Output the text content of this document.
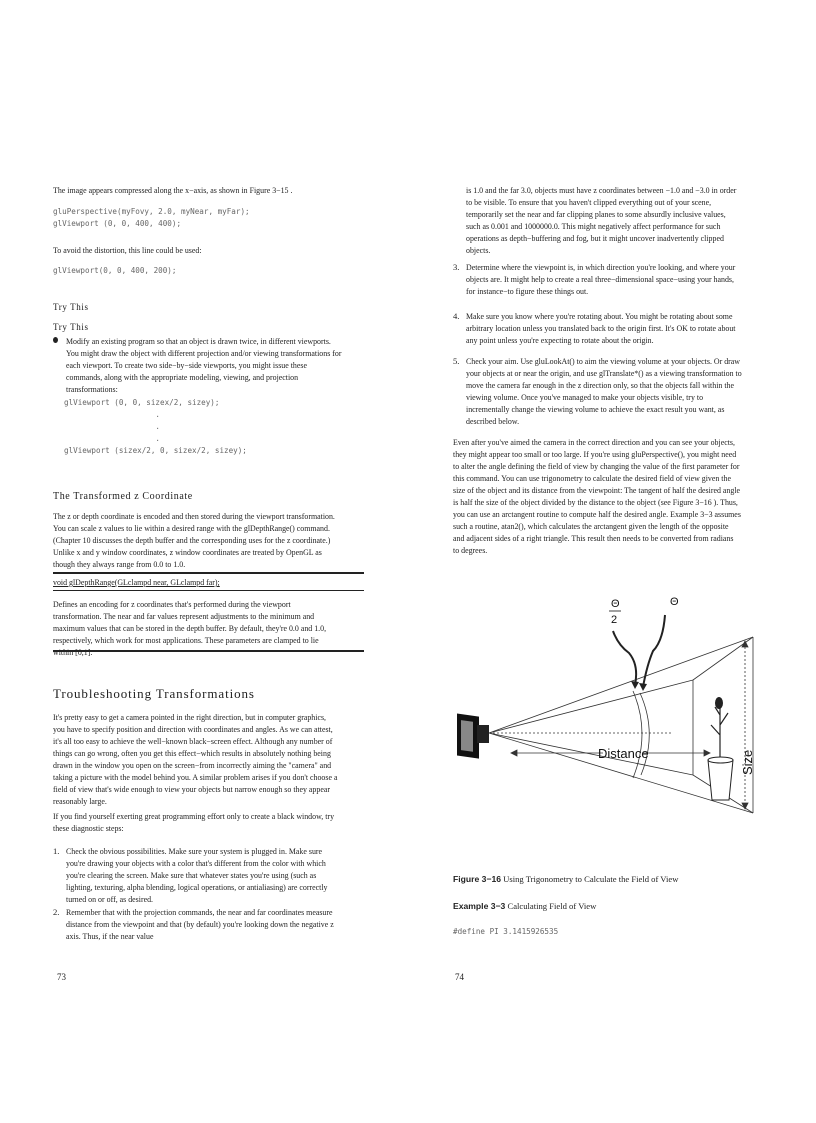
The image appears compressed along the x−axis, as shown in Figure 3−15 .
gluPerspective(myFovy, 2.0, myNear, myFar);
glViewport (0, 0, 400, 400);
To avoid the distortion, this line could be used:
glViewport(0, 0, 400, 200);
Try This
Try This
Modify an existing program so that an object is drawn twice, in different viewports. You might draw the object with different projection and/or viewing transformations for each viewport. To create two side−by−side viewports, you might issue these commands, along with the appropriate modeling, viewing, and projection transformations:
glViewport (0, 0, sizex/2, sizey);
.
.
.
glViewport (sizex/2, 0, sizex/2, sizey);
The Transformed z Coordinate
The z or depth coordinate is encoded and then stored during the viewport transformation. You can scale z values to lie within a desired range with the glDepthRange() command. (Chapter 10 discusses the depth buffer and the corresponding uses for the z coordinate.) Unlike x and y window coordinates, z window coordinates are treated by OpenGL as though they always range from 0.0 to 1.0.
void glDepthRange(GLclampd near, GLclampd far);
Defines an encoding for z coordinates that's performed during the viewport transformation. The near and far values represent adjustments to the minimum and maximum values that can be stored in the depth buffer. By default, they're 0.0 and 1.0, respectively, which work for most applications. These parameters are clamped to lie within [0,1].
Troubleshooting Transformations
It's pretty easy to get a camera pointed in the right direction, but in computer graphics, you have to specify position and direction with coordinates and angles. As we can attest, it's all too easy to achieve the well−known black−screen effect. Although any number of things can go wrong, often you get this effect−which results in absolutely nothing being drawn in the window you open on the screen−from incorrectly aiming the "camera" and taking a picture with the model behind you. A similar problem arises if you don't choose a field of view that's wide enough to view your objects but narrow enough so they appear reasonably large.
If you find yourself exerting great programming effort only to create a black window, try these diagnostic steps:
1. Check the obvious possibilities. Make sure your system is plugged in. Make sure you're drawing your objects with a color that's different from the color with which you're clearing the screen. Make sure that whatever states you're using (such as lighting, texturing, alpha blending, logical operations, or antialiasing) are correctly turned on or off, as desired.
2. Remember that with the projection commands, the near and far coordinates measure distance from the viewpoint and that (by default) you're looking down the negative z axis. Thus, if the near value
73
is 1.0 and the far 3.0, objects must have z coordinates between −1.0 and −3.0 in order to be visible. To ensure that you haven't clipped everything out of your scene, temporarily set the near and far clipping planes to some absurdly inclusive values, such as 0.001 and 1000000.0. This might negatively affect performance for such operations as depth−buffering and fog, but it might uncover inadvertently clipped objects.
3. Determine where the viewpoint is, in which direction you're looking, and where your objects are. It might help to create a real three−dimensional space−using your hands, for instance−to figure these things out.
4. Make sure you know where you're rotating about. You might be rotating about some arbitrary location unless you translated back to the origin first. It's OK to rotate about any point unless you're expecting to rotate about the origin.
5. Check your aim. Use gluLookAt() to aim the viewing volume at your objects. Or draw your objects at or near the origin, and use glTranslate*() as a viewing transformation to move the camera far enough in the z direction only, so that the objects fall within the viewing volume. Once you've managed to make your objects visible, try to incrementally change the viewing volume to achieve the exact result you want, as described below.
Even after you've aimed the camera in the correct direction and you can see your objects, they might appear too small or too large. If you're using gluPerspective(), you might need to alter the angle defining the field of view by changing the value of the first parameter for this command. You can use trigonometry to calculate the desired field of view given the size of the object and its distance from the viewpoint: The tangent of half the desired angle is half the size of the object divided by the distance to the object (see Figure 3−16 ). Thus, you can use an arctangent routine to compute half the desired angle. Example 3−3 assumes such a routine, atan2(), which calculates the arctangent given the length of the opposite and adjacent sides of a right triangle. This result then needs to be converted from radians to degrees.
Distance	Size
Θ
2
Θ
Figure 3−16 Using Trigonometry to Calculate the Field of View
Example 3−3 Calculating Field of View
#define PI 3.1415926535
74
